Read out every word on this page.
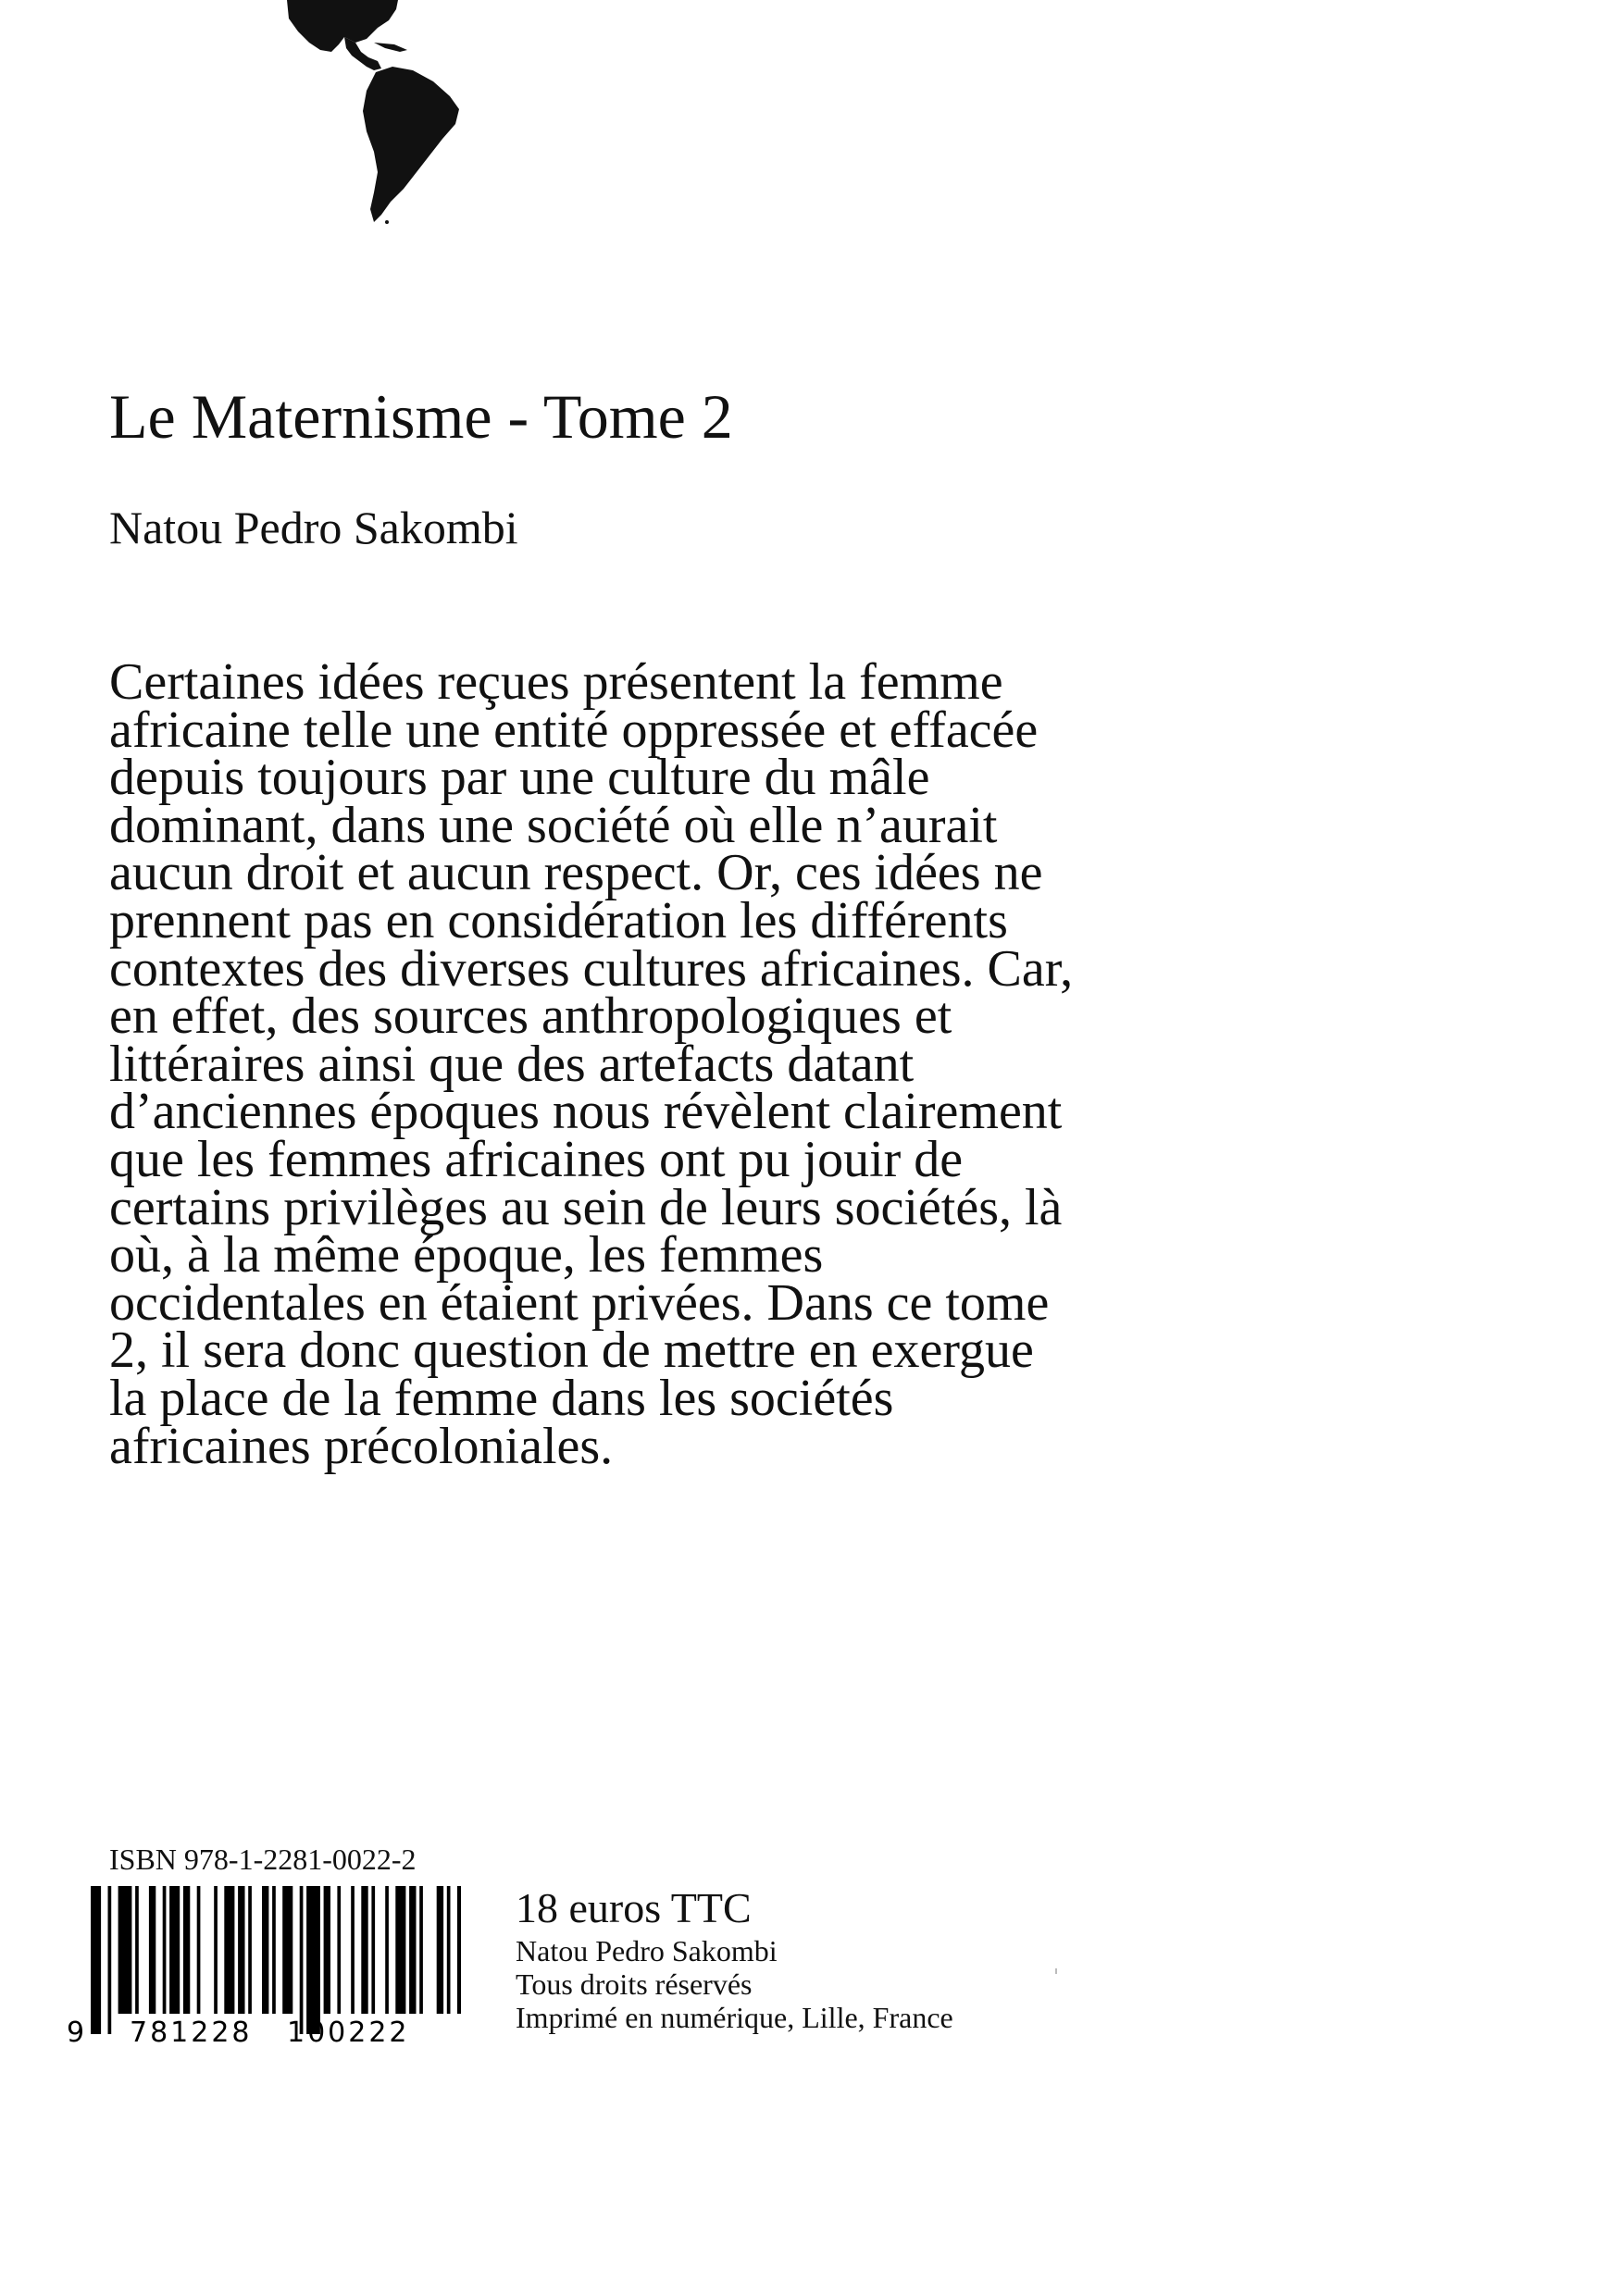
Le Maternisme - Tome 2
Natou Pedro Sakombi

Certaines idées reçues présentent la femme
africaine telle une entité oppressée et effacée
depuis toujours par une culture du mâle
dominant, dans une société où elle n’aurait
aucun droit et aucun respect. Or, ces idées ne
prennent pas en considération les différents
contextes des diverses cultures africaines. Car,
en effet, des sources anthropologiques et
littéraires ainsi que des artefacts datant
d’anciennes époques nous révèlent clairement
que les femmes africaines ont pu jouir de
certains privilèges au sein de leurs sociétés, là
où, à la même époque, les femmes
occidentales en étaient privées. Dans ce tome
2, il sera donc question de mettre en exergue
la place de la femme dans les sociétés
africaines précoloniales.

ISBN 978-1-2281-0022-2
9 781228 100222
18 euros TTC
Natou Pedro Sakombi
Tous droits réservés
Imprimé en numérique, Lille, France
